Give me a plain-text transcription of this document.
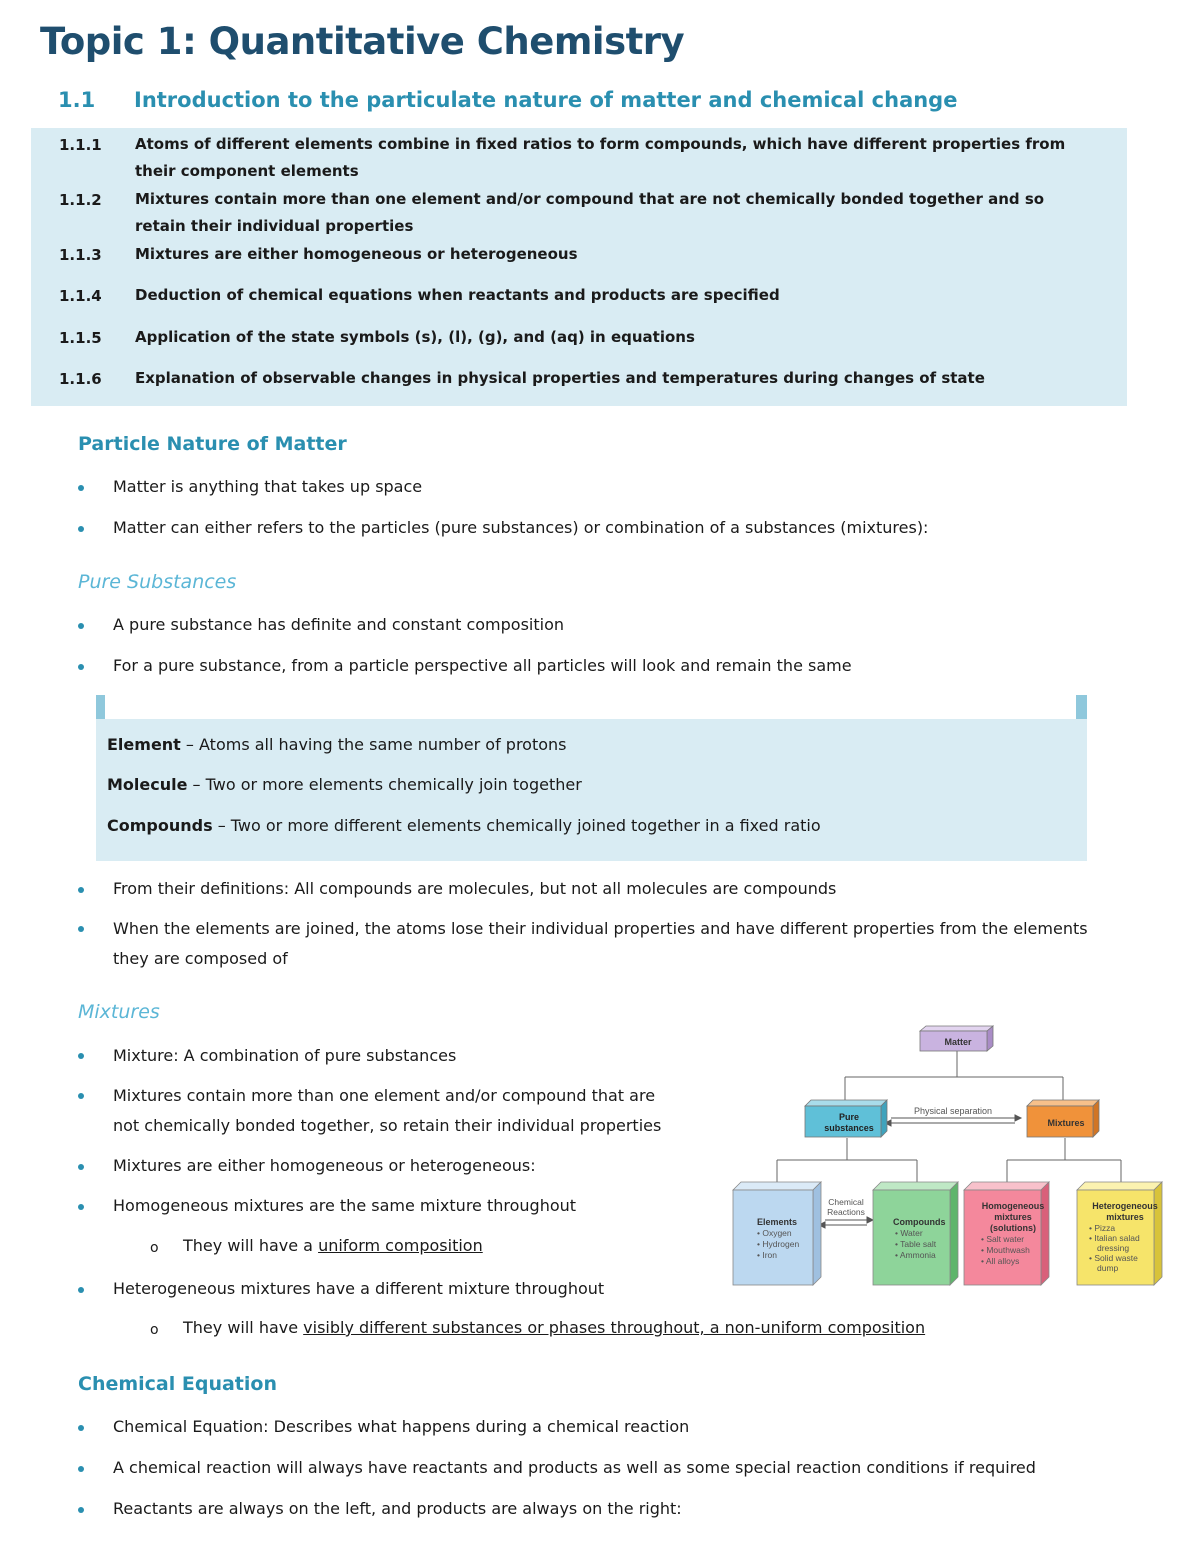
Topic 1: Quantitative Chemistry
1.1 Introduction to the particulate nature of matter and chemical change
1.1.1 Atoms of different elements combine in fixed ratios to form compounds, which have different properties from their component elements
1.1.2 Mixtures contain more than one element and/or compound that are not chemically bonded together and so retain their individual properties
1.1.3 Mixtures are either homogeneous or heterogeneous
1.1.4 Deduction of chemical equations when reactants and products are specified
1.1.5 Application of the state symbols (s), (l), (g), and (aq) in equations
1.1.6 Explanation of observable changes in physical properties and temperatures during changes of state
Particle Nature of Matter
Matter is anything that takes up space
Matter can either refers to the particles (pure substances) or combination of a substances (mixtures):
Pure Substances
A pure substance has definite and constant composition
For a pure substance, from a particle perspective all particles will look and remain the same
Element – Atoms all having the same number of protons
Molecule – Two or more elements chemically join together
Compounds – Two or more different elements chemically joined together in a fixed ratio
From their definitions: All compounds are molecules, but not all molecules are compounds
When the elements are joined, the atoms lose their individual properties and have different properties from the elements
they are composed of
Mixtures
Mixture: A combination of pure substances
Mixtures contain more than one element and/or compound that are
not chemically bonded together, so retain their individual properties
Mixtures are either homogeneous or heterogeneous:
Homogeneous mixtures are the same mixture throughout
o They will have a uniform composition
Heterogeneous mixtures have a different mixture throughout
o They will have visibly different substances or phases throughout, a non-uniform composition
Matter
Pure
substances
Physical separation
Mixtures
Elements
• Oxygen
• Hydrogen
• Iron
Chemical
Reactions
Compounds
• Water
• Table salt
• Ammonia
Homogeneous
mixtures
(solutions)
• Salt water
• Mouthwash
• All alloys
Heterogeneous
mixtures
• Pizza
• Italian salad
dressing
• Solid waste
dump
Chemical Equation
Chemical Equation: Describes what happens during a chemical reaction
A chemical reaction will always have reactants and products as well as some special reaction conditions if required
Reactants are always on the left, and products are always on the right:
